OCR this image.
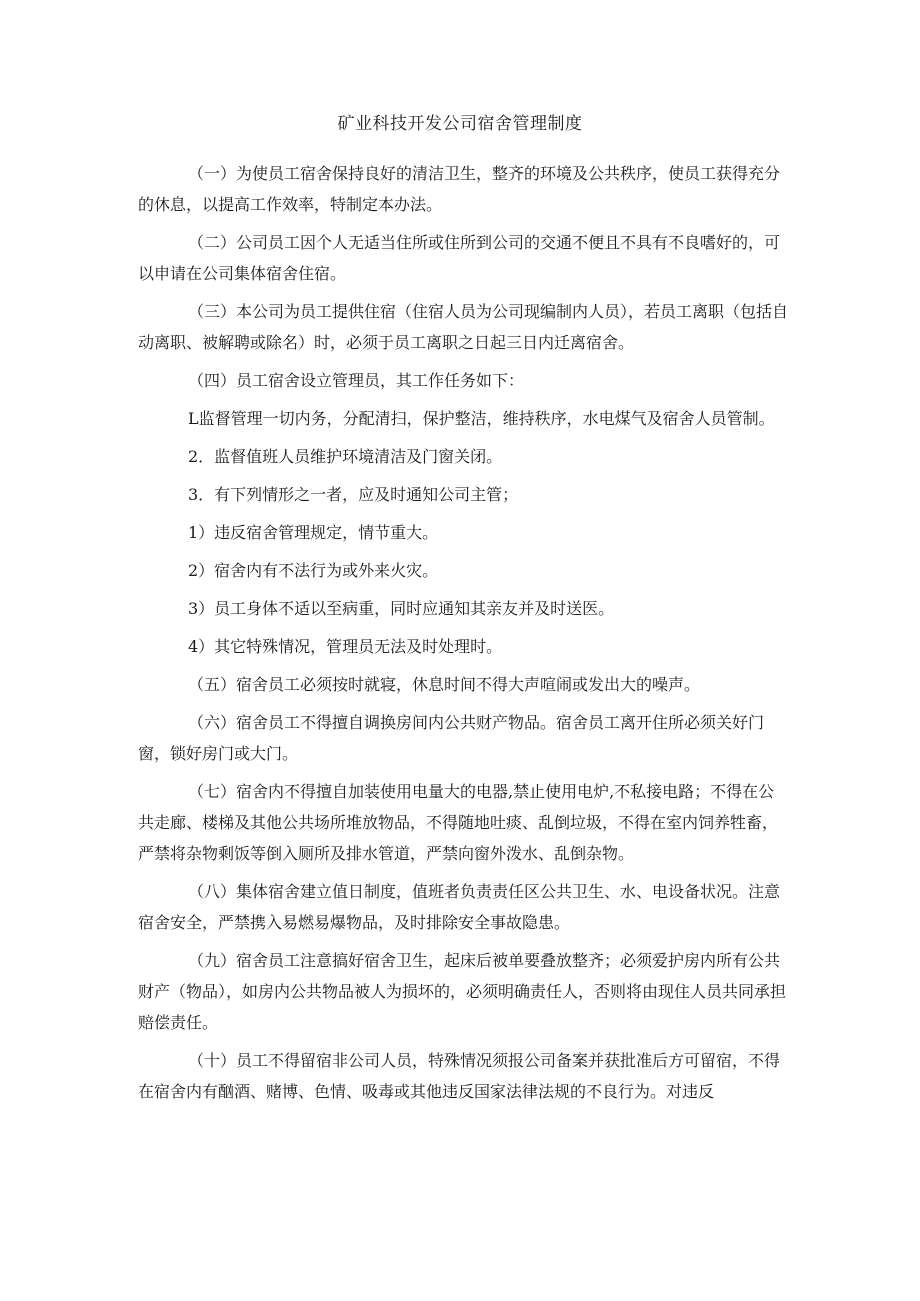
矿业科技开发公司宿舍管理制度

（一）为使员工宿舍保持良好的清洁卫生，整齐的环境及公共秩序，使员工获得充分的休息，以提高工作效率，特制定本办法。

（二）公司员工因个人无适当住所或住所到公司的交通不便且不具有不良嗜好的，可以申请在公司集体宿舍住宿。

（三）本公司为员工提供住宿（住宿人员为公司现编制内人员），若员工离职（包括自动离职、被解聘或除名）时，必须于员工离职之日起三日内迁离宿舍。

（四）员工宿舍设立管理员，其工作任务如下：

L监督管理一切内务，分配清扫，保护整洁，维持秩序，水电煤气及宿舍人员管制。

2．监督值班人员维护环境清洁及门窗关闭。

3．有下列情形之一者，应及时通知公司主管；

1）违反宿舍管理规定，情节重大。

2）宿舍内有不法行为或外来火灾。

3）员工身体不适以至病重，同时应通知其亲友并及时送医。

4）其它特殊情况，管理员无法及时处理时。

（五）宿舍员工必须按时就寝，休息时间不得大声喧闹或发出大的噪声。

（六）宿舍员工不得擅自调换房间内公共财产物品。宿舍员工离开住所必须关好门窗，锁好房门或大门。

（七）宿舍内不得擅自加装使用电量大的电器,禁止使用电炉,不私接电路；不得在公共走廊、楼梯及其他公共场所堆放物品，不得随地吐痰、乱倒垃圾，不得在室内饲养牲畜，严禁将杂物剩饭等倒入厕所及排水管道，严禁向窗外泼水、乱倒杂物。

（八）集体宿舍建立值日制度，值班者负责责任区公共卫生、水、电设备状况。注意宿舍安全，严禁携入易燃易爆物品，及时排除安全事故隐患。

（九）宿舍员工注意搞好宿舍卫生，起床后被单要叠放整齐；必须爱护房内所有公共财产（物品），如房内公共物品被人为损坏的，必须明确责任人，否则将由现住人员共同承担赔偿责任。

（十）员工不得留宿非公司人员，特殊情况须报公司备案并获批准后方可留宿，不得在宿舍内有酗酒、赌博、色情、吸毒或其他违反国家法律法规的不良行为。对违反
